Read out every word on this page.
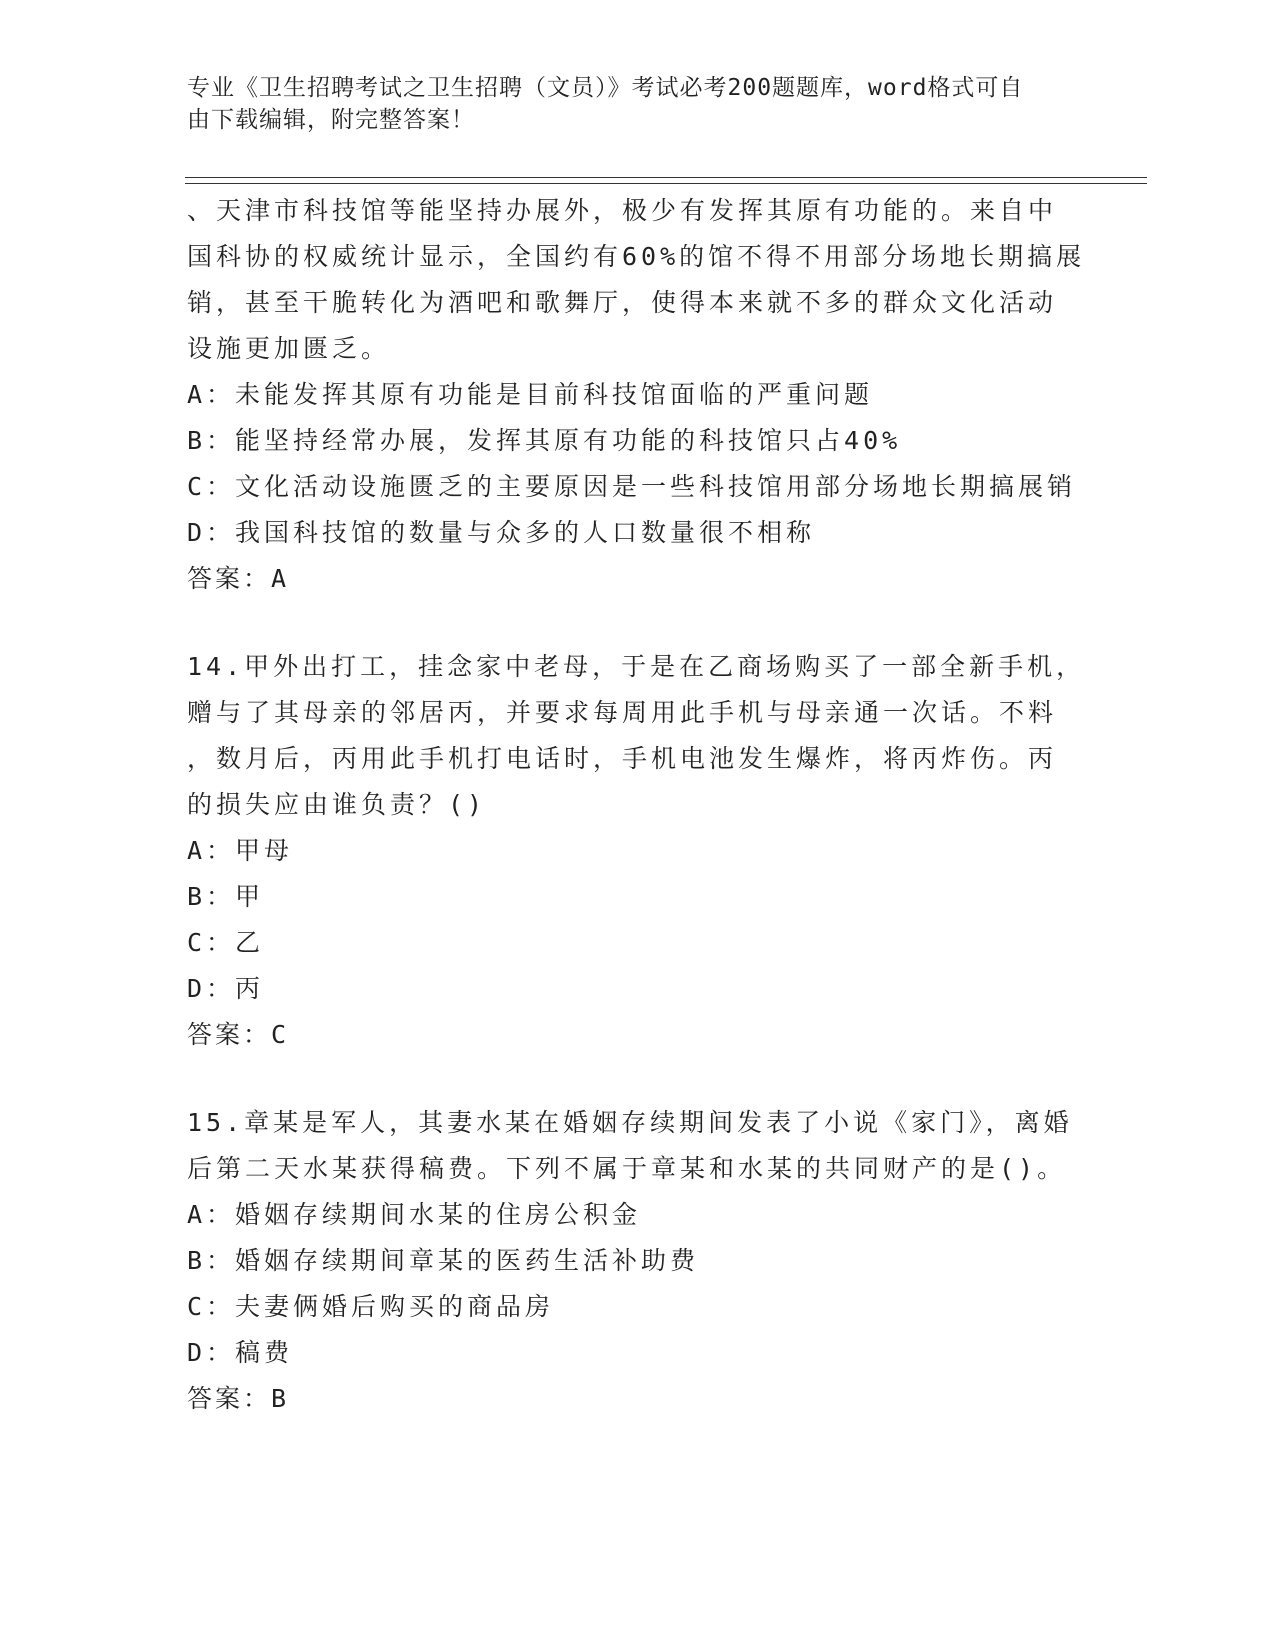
专业《卫生招聘考试之卫生招聘（文员）》考试必考200题题库，word格式可自
由下载编辑，附完整答案！
、天津市科技馆等能坚持办展外，极少有发挥其原有功能的。来自中
国科协的权威统计显示，全国约有60%的馆不得不用部分场地长期搞展
销，甚至干脆转化为酒吧和歌舞厅，使得本来就不多的群众文化活动
设施更加匮乏。
A：未能发挥其原有功能是目前科技馆面临的严重问题
B：能坚持经常办展，发挥其原有功能的科技馆只占40%
C：文化活动设施匮乏的主要原因是一些科技馆用部分场地长期搞展销
D：我国科技馆的数量与众多的人口数量很不相称
答案：A
14.甲外出打工，挂念家中老母，于是在乙商场购买了一部全新手机，
赠与了其母亲的邻居丙，并要求每周用此手机与母亲通一次话。不料
，数月后，丙用此手机打电话时，手机电池发生爆炸，将丙炸伤。丙
的损失应由谁负责？()
A：甲母
B：甲
C：乙
D：丙
答案：C
15.章某是军人，其妻水某在婚姻存续期间发表了小说《家门》，离婚
后第二天水某获得稿费。下列不属于章某和水某的共同财产的是()。
A：婚姻存续期间水某的住房公积金
B：婚姻存续期间章某的医药生活补助费
C：夫妻俩婚后购买的商品房
D：稿费
答案：B
